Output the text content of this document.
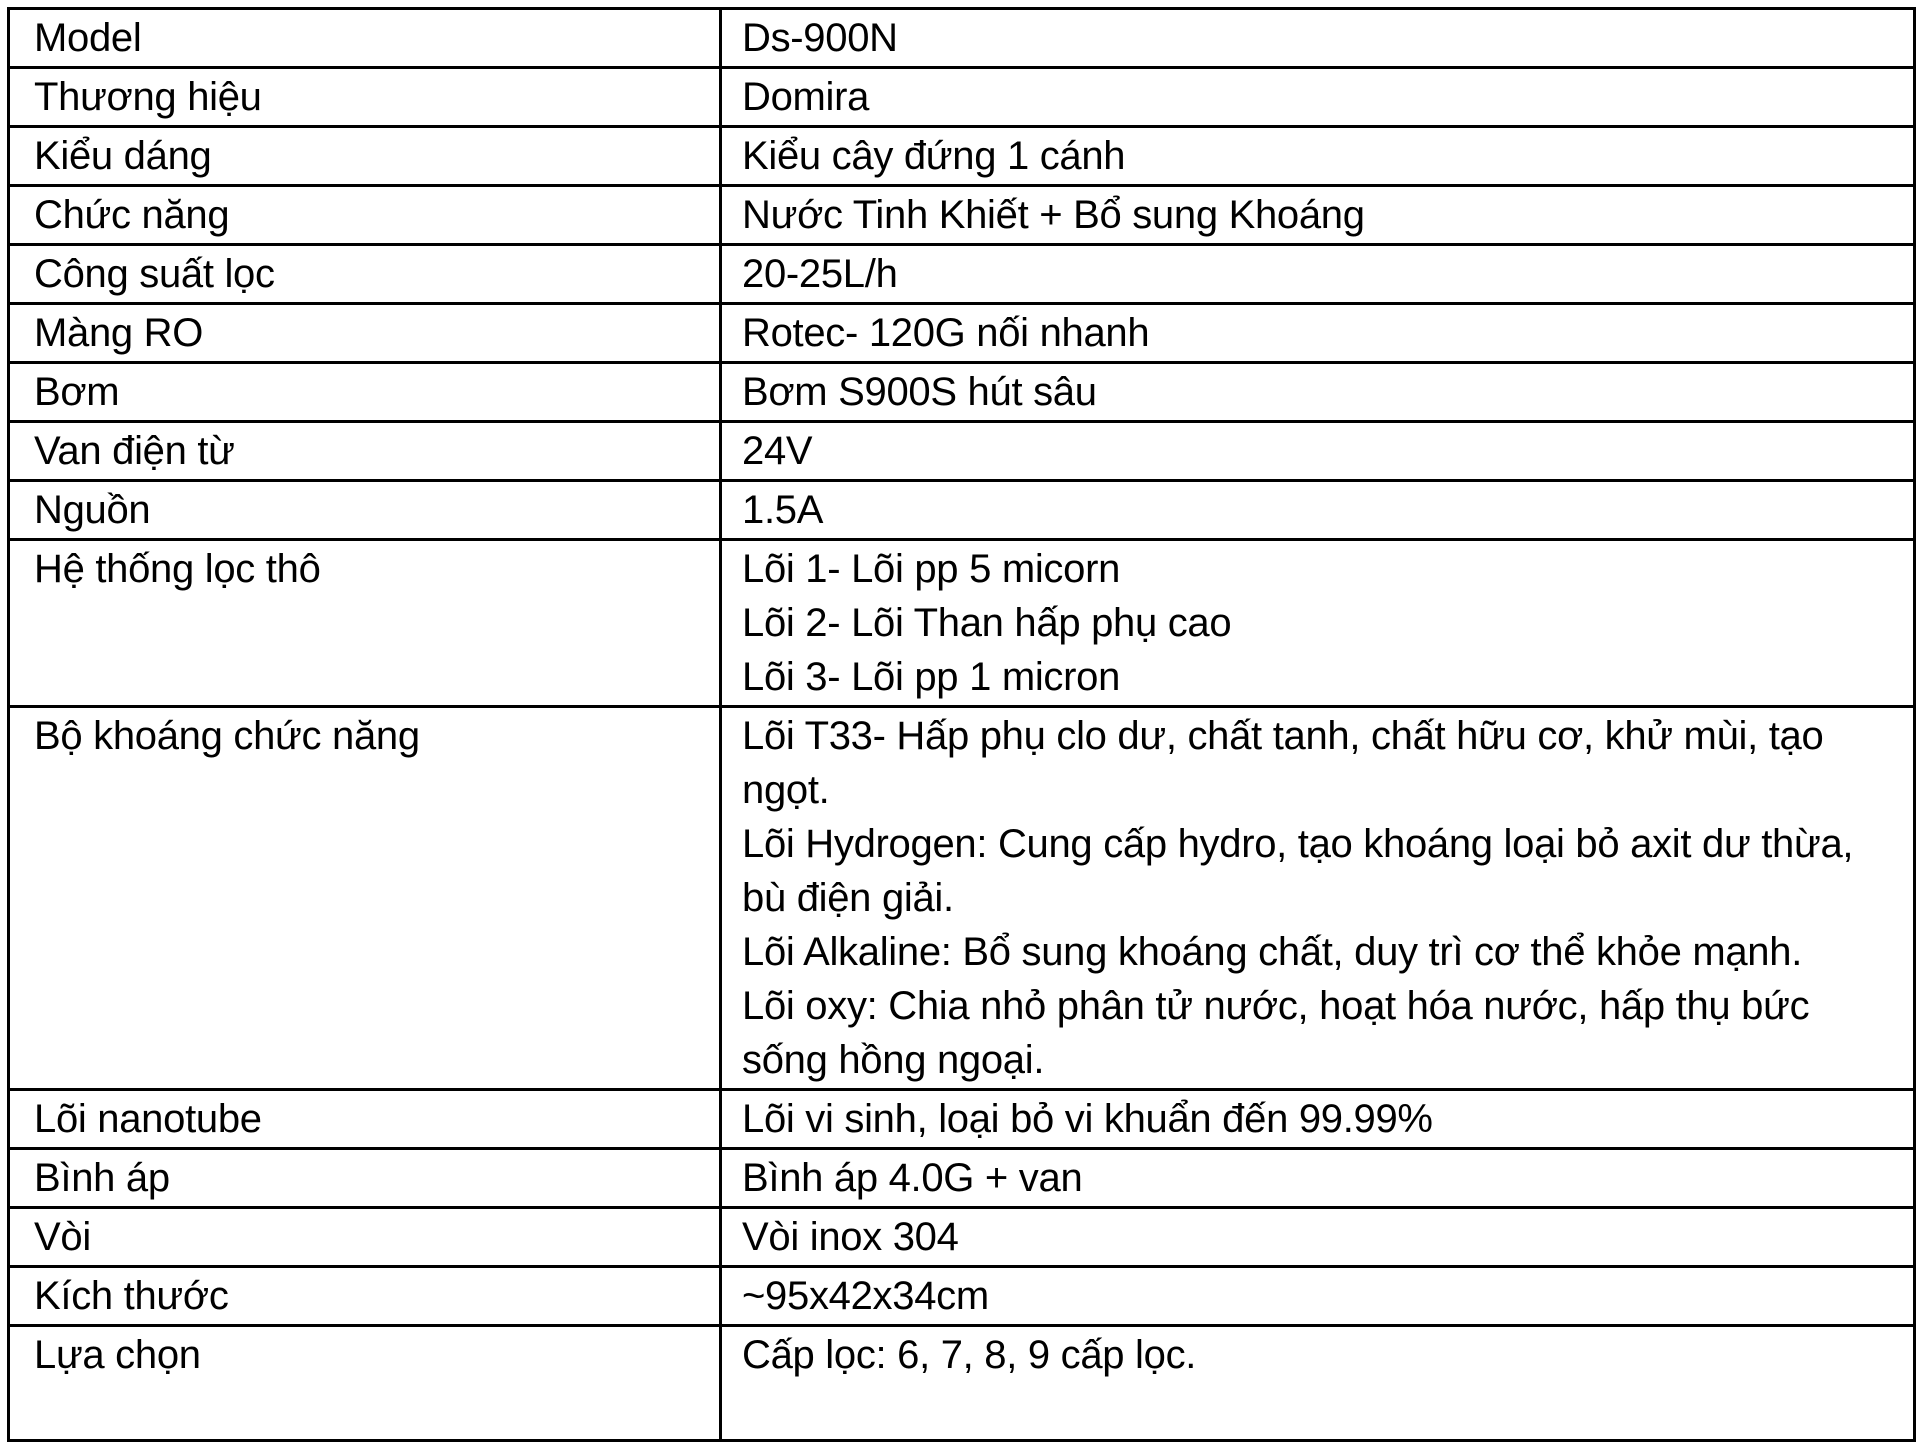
Model	Ds-900N

Thương hiệu	Domira

Kiểu dáng	Kiểu cây đứng 1 cánh

Chức năng	Nước Tinh Khiết + Bổ sung Khoáng

Công suất lọc	20-25L/h

Màng RO	Rotec- 120G nối nhanh

Bơm	Bơm S900S hút sâu

Van điện từ	24V

Nguồn	1.5A

Hệ thống lọc thô	Lõi 1- Lõi pp 5 micorn
Lõi 2- Lõi Than hấp phụ cao
Lõi 3- Lõi pp 1 micron

Bộ khoáng chức năng	Lõi T33- Hấp phụ clo dư, chất tanh, chất hữu cơ, khử mùi, tạo ngọt.
Lõi Hydrogen: Cung cấp hydro, tạo khoáng loại bỏ axit dư thừa, bù điện giải.
Lõi Alkaline: Bổ sung khoáng chất, duy trì cơ thể khỏe mạnh.
Lõi oxy: Chia nhỏ phân tử nước, hoạt hóa nước, hấp thụ bức sống hồng ngoại.

Lõi nanotube	Lõi vi sinh, loại bỏ vi khuẩn đến 99.99%

Bình áp	Bình áp 4.0G + van

Vòi	Vòi inox 304

Kích thước	~95x42x34cm

Lựa chọn	Cấp lọc: 6, 7, 8, 9 cấp lọc.
